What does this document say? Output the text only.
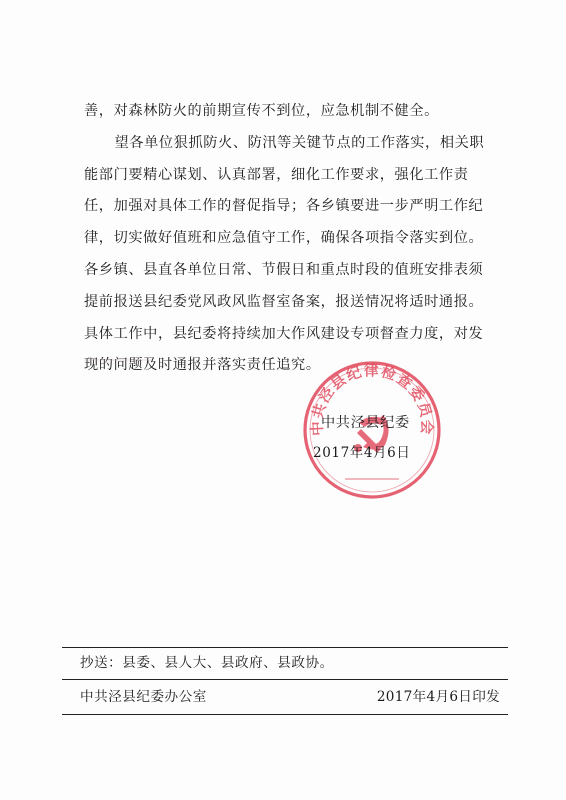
善，对森林防火的前期宣传不到位，应急机制不健全。

望各单位狠抓防火、防汛等关键节点的工作落实，相关职能部门要精心谋划、认真部署，细化工作要求，强化工作责任，加强对具体工作的督促指导；各乡镇要进一步严明工作纪律，切实做好值班和应急值守工作，确保各项指令落实到位。各乡镇、县直各单位日常、节假日和重点时段的值班安排表须提前报送县纪委党风政风监督室备案，报送情况将适时通报。具体工作中，县纪委将持续加大作风建设专项督查力度，对发现的问题及时通报并落实责任追究。

中共泾县纪律检查委员会
中共泾县纪委
2017年4月6日
抄送：县委、县人大、县政府、县政协。
中共泾县纪委办公室	2017年4月6日印发
